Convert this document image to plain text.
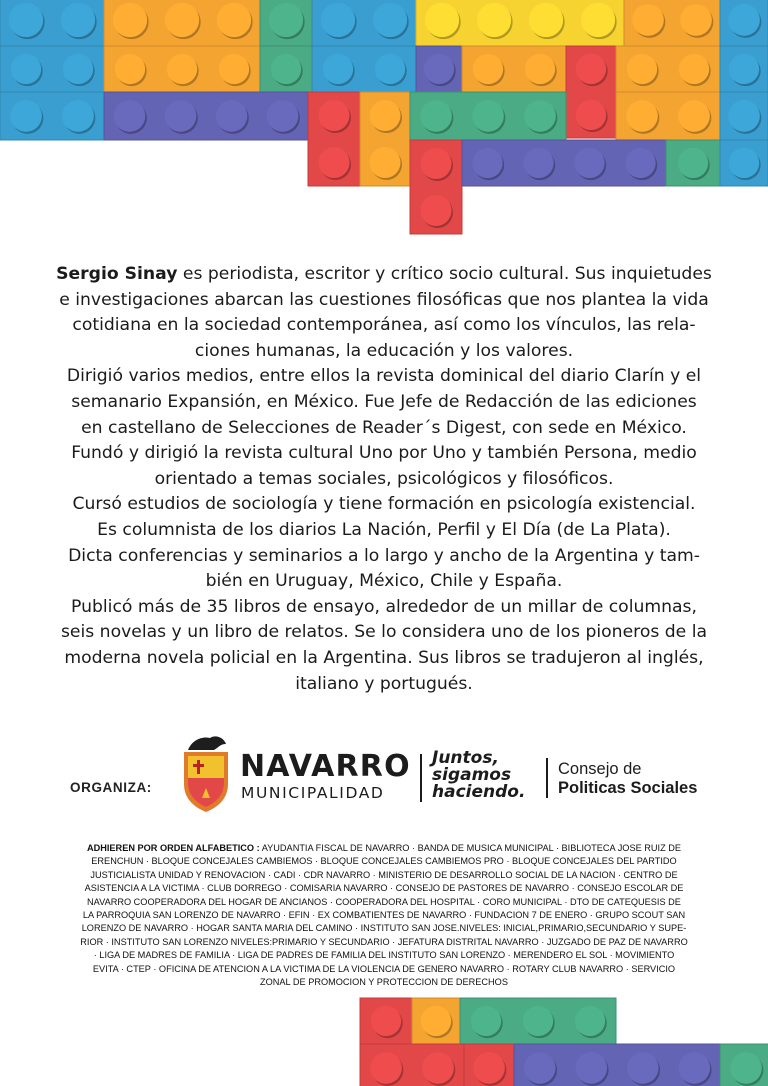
Sergio Sinay es periodista, escritor y crítico socio cultural. Sus inquietudes

e investigaciones abarcan las cuestiones filosóficas que nos plantea la vida

cotidiana en la sociedad contemporánea, así como los vínculos, las rela-

ciones humanas, la educación y los valores.

Dirigió varios medios, entre ellos la revista dominical del diario Clarín y el

semanario Expansión, en México. Fue Jefe de Redacción de las ediciones

en castellano de Selecciones de Reader´s Digest, con sede en México.

Fundó y dirigió la revista cultural Uno por Uno y también Persona, medio

orientado a temas sociales, psicológicos y filosóficos.

Cursó estudios de sociología y tiene formación en psicología existencial.

Es columnista de los diarios La Nación, Perfil y El Día (de La Plata).

Dicta conferencias y seminarios a lo largo y ancho de la Argentina y tam-

bién en Uruguay, México, Chile y España.

Publicó más de 35 libros de ensayo, alrededor de un millar de columnas,

seis novelas y un libro de relatos. Se lo considera uno de los pioneros de la

moderna novela policial en la Argentina. Sus libros se tradujeron al inglés,

italiano y portugués.

ORGANIZA:
NAVARRO
MUNICIPALIDAD
Juntos,
sigamos
haciendo.
Consejo de
Politicas Sociales
ADHIEREN POR ORDEN ALFABETICO : AYUDANTIA FISCAL DE NAVARRO · BANDA DE MUSICA MUNICIPAL · BIBLIOTECA JOSE RUIZ DE
ERENCHUN · BLOQUE CONCEJALES CAMBIEMOS · BLOQUE CONCEJALES CAMBIEMOS PRO · BLOQUE CONCEJALES DEL PARTIDO
JUSTICIALISTA UNIDAD Y RENOVACION · CADI · CDR NAVARRO · MINISTERIO DE DESARROLLO SOCIAL DE LA NACION · CENTRO DE
ASISTENCIA A LA VICTIMA · CLUB DORREGO · COMISARIA NAVARRO · CONSEJO DE PASTORES DE NAVARRO · CONSEJO ESCOLAR DE
NAVARRO COOPERADORA DEL HOGAR DE ANCIANOS · COOPERADORA DEL HOSPITAL · CORO MUNICIPAL · DTO DE CATEQUESIS DE
LA PARROQUIA SAN LORENZO DE NAVARRO · EFIN · EX COMBATIENTES DE NAVARRO · FUNDACION 7 DE ENERO · GRUPO SCOUT SAN
LORENZO DE NAVARRO · HOGAR SANTA MARIA DEL CAMINO · INSTITUTO SAN JOSE.NIVELES: INICIAL,PRIMARIO,SECUNDARIO Y SUPE-
RIOR · INSTITUTO SAN LORENZO NIVELES:PRIMARIO Y SECUNDARIO · JEFATURA DISTRITAL NAVARRO · JUZGADO DE PAZ DE NAVARRO
· LIGA DE MADRES DE FAMILIA · LIGA DE PADRES DE FAMILIA DEL INSTITUTO SAN LORENZO · MERENDERO EL SOL · MOVIMIENTO
EVITA · CTEP · OFICINA DE ATENCION A LA VICTIMA DE LA VIOLENCIA DE GENERO NAVARRO · ROTARY CLUB NAVARRO · SERVICIO
ZONAL DE PROMOCION Y PROTECCION DE DERECHOS
